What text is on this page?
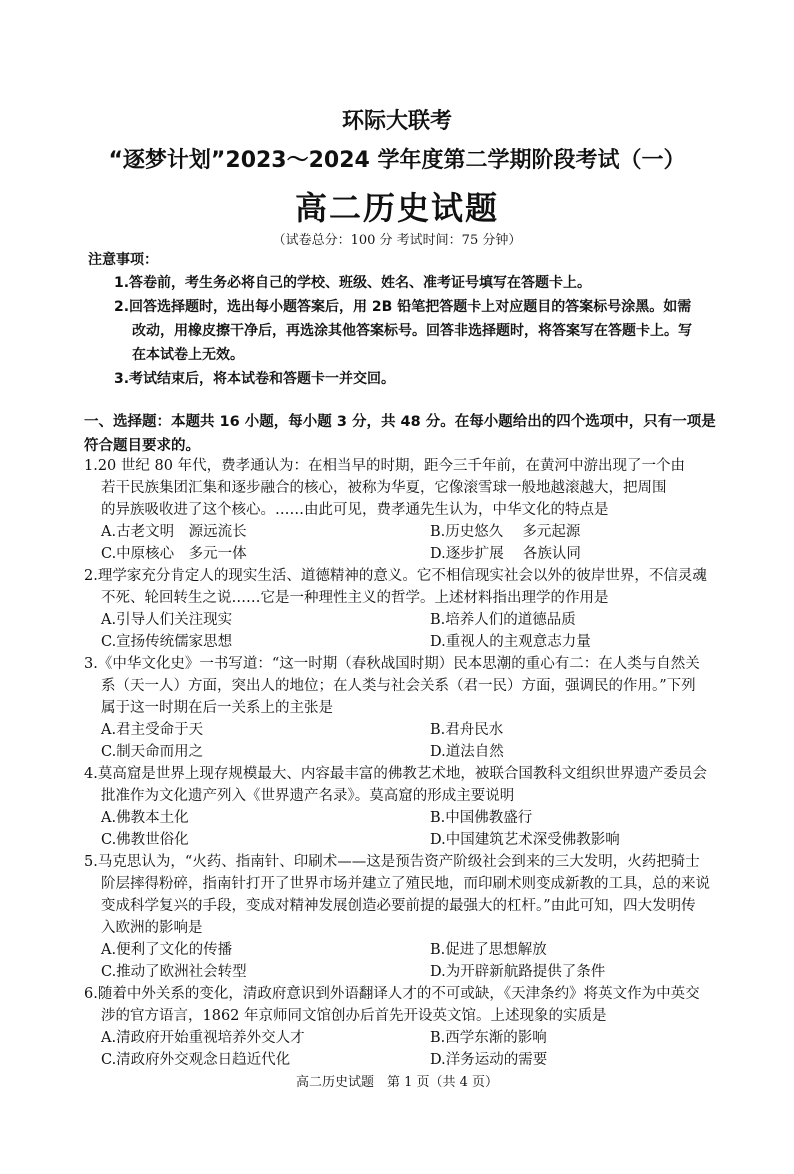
环际大联考
“逐梦计划”2023～2024 学年度第二学期阶段考试（一）
高二历史试题
（试卷总分：100 分 考试时间：75 分钟）
注意事项：
1.答卷前，考生务必将自己的学校、班级、姓名、准考证号填写在答题卡上。
2.回答选择题时，选出每小题答案后，用 2B 铅笔把答题卡上对应题目的答案标号涂黑。如需
改动，用橡皮擦干净后，再选涂其他答案标号。回答非选择题时，将答案写在答题卡上。写
在本试卷上无效。
3.考试结束后，将本试卷和答题卡一并交回。
一、选择题：本题共 16 小题，每小题 3 分，共 48 分。在每小题给出的四个选项中，只有一项是
符合题目要求的。
1.20 世纪 80 年代，费孝通认为：在相当早的时期，距今三千年前，在黄河中游出现了一个由
若干民族集团汇集和逐步融合的核心，被称为华夏，它像滚雪球一般地越滚越大，把周围
的异族吸收进了这个核心。……由此可见，费孝通先生认为，中华文化的特点是
A.古老文明　源远流长	B.历史悠久　 多元起源
C.中原核心　多元一体	D.逐步扩展　 各族认同
2.理学家充分肯定人的现实生活、道德精神的意义。它不相信现实社会以外的彼岸世界，不信灵魂
不死、轮回转生之说……它是一种理性主义的哲学。上述材料指出理学的作用是
A.引导人们关注现实	B.培养人们的道德品质
C.宣扬传统儒家思想	D.重视人的主观意志力量
3.《中华文化史》一书写道：“这一时期（春秋战国时期）民本思潮的重心有二：在人类与自然关
系（天一人）方面，突出人的地位；在人类与社会关系（君一民）方面，强调民的作用。”下列
属于这一时期在后一关系上的主张是
A.君主受命于天	B.君舟民水
C.制天命而用之	D.道法自然
4.莫高窟是世界上现存规模最大、内容最丰富的佛教艺术地，被联合国教科文组织世界遗产委员会
批准作为文化遗产列入《世界遗产名录》。莫高窟的形成主要说明
A.佛教本土化	B.中国佛教盛行
C.佛教世俗化	D.中国建筑艺术深受佛教影响
5.马克思认为，“火药、指南针、印刷术——这是预告资产阶级社会到来的三大发明，火药把骑士
阶层摔得粉碎，指南针打开了世界市场并建立了殖民地，而印刷术则变成新教的工具，总的来说
变成科学复兴的手段，变成对精神发展创造必要前提的最强大的杠杆。”由此可知，四大发明传
入欧洲的影响是
A.便利了文化的传播	B.促进了思想解放
C.推动了欧洲社会转型	D.为开辟新航路提供了条件
6.随着中外关系的变化，清政府意识到外语翻译人才的不可或缺，《天津条约》将英文作为中英交
涉的官方语言，1862 年京师同文馆创办后首先开设英文馆。上述现象的实质是
A.清政府开始重视培养外交人才	B.西学东渐的影响
C.清政府外交观念日趋近代化	D.洋务运动的需要
高二历史试题　第 1 页（共 4 页）
